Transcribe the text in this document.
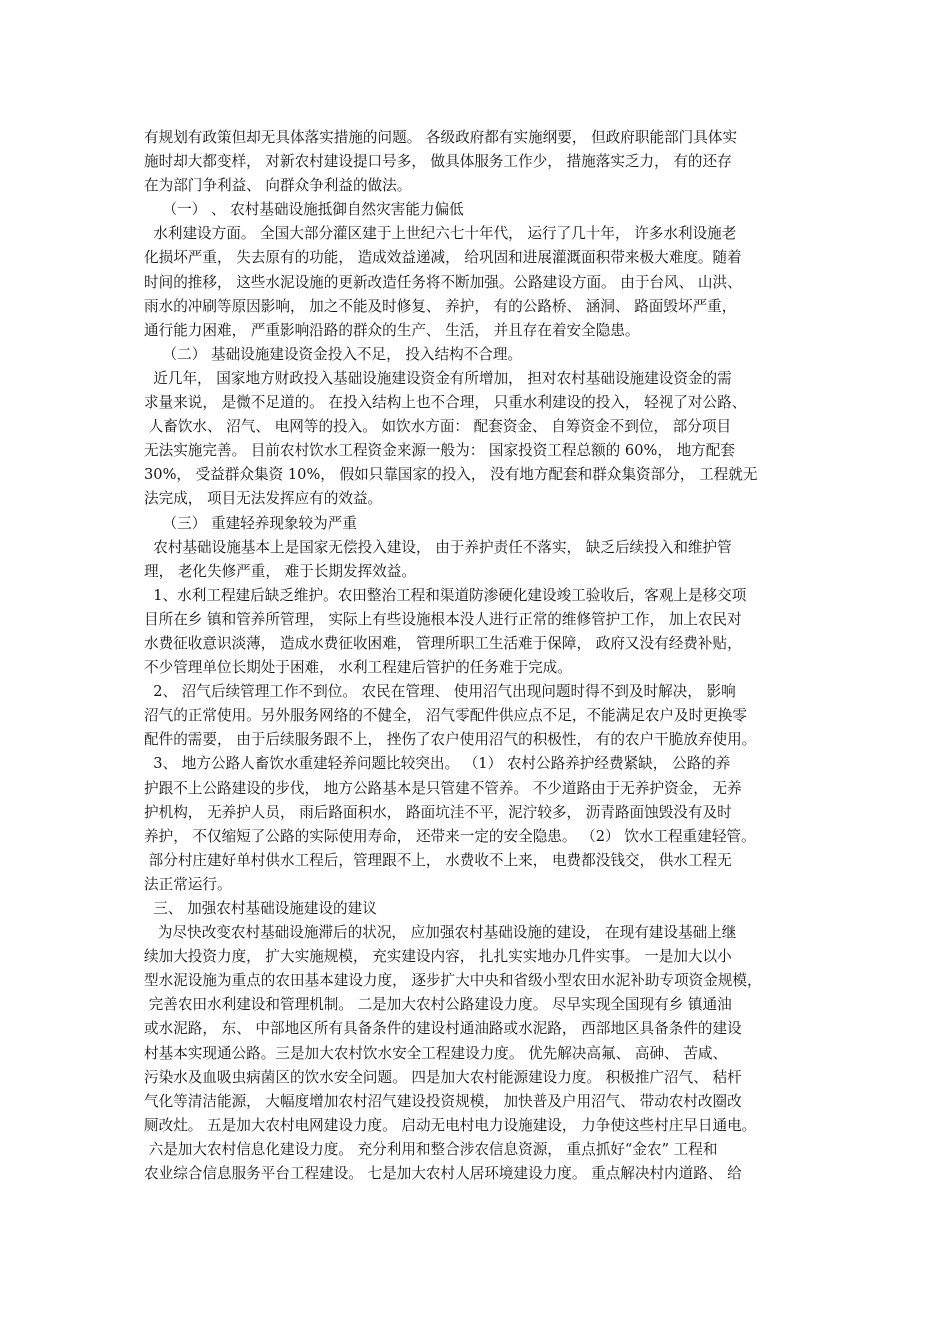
有规划有政策但却无具体落实措施的问题。 各级政府都有实施纲要， 但政府职能部门具体实
施时却大都变样， 对新农村建设提口号多， 做具体服务工作少， 措施落实乏力， 有的还存
在为部门争利益、 向群众争利益的做法。
（一） 、 农村基础设施抵御自然灾害能力偏低
水利建设方面。 全国大部分灌区建于上世纪六七十年代， 运行了几十年， 许多水利设施老
化损坏严重， 失去原有的功能， 造成效益递减， 给巩固和进展灌溉面积带来极大难度。随着
时间的推移， 这些水泥设施的更新改造任务将不断加强。公路建设方面。 由于台风、 山洪、
雨水的冲刷等原因影响， 加之不能及时修复、 养护， 有的公路桥、 涵洞、 路面毁坏严重，
通行能力困难， 严重影响沿路的群众的生产、 生活， 并且存在着安全隐患。
（二） 基础设施建设资金投入不足， 投入结构不合理。
近几年， 国家地方财政投入基础设施建设资金有所增加， 担对农村基础设施建设资金的需
求量来说， 是微不足道的。 在投入结构上也不合理， 只重水利建设的投入， 轻视了对公路、
人畜饮水、 沼气、 电网等的投入。 如饮水方面： 配套资金、 自筹资金不到位， 部分项目
无法实施完善。 目前农村饮水工程资金来源一般为： 国家投资工程总额的 60%， 地方配套
30%， 受益群众集资 10%， 假如只靠国家的投入， 没有地方配套和群众集资部分， 工程就无
法完成， 项目无法发挥应有的效益。
（三） 重建轻养现象较为严重
农村基础设施基本上是国家无偿投入建设， 由于养护责任不落实， 缺乏后续投入和维护管
理， 老化失修严重， 难于长期发挥效益。
1、水利工程建后缺乏维护。农田整治工程和渠道防渗硬化建设竣工验收后，客观上是移交项
目所在乡 镇和管养所管理， 实际上有些设施根本没人进行正常的维修管护工作， 加上农民对
水费征收意识淡薄， 造成水费征收困难， 管理所职工生活难于保障， 政府又没有经费补贴，
不少管理单位长期处于困难， 水利工程建后管护的任务难于完成。
2、 沼气后续管理工作不到位。 农民在管理、 使用沼气出现问题时得不到及时解决， 影响
沼气的正常使用。另外服务网络的不健全， 沼气零配件供应点不足，不能满足农户及时更换零
配件的需要， 由于后续服务跟不上， 挫伤了农户使用沼气的积极性， 有的农户干脆放弃使用。
3、 地方公路人畜饮水重建轻养问题比较突出。 （1） 农村公路养护经费紧缺， 公路的养
护跟不上公路建设的步伐， 地方公路基本是只管建不管养。 不少道路由于无养护资金， 无养
护机构， 无养护人员， 雨后路面积水， 路面坑洼不平，泥泞较多， 沥青路面蚀毁没有及时
养护， 不仅缩短了公路的实际使用寿命， 还带来一定的安全隐患。 （2） 饮水工程重建轻管。
部分村庄建好单村供水工程后，管理跟不上， 水费收不上来， 电费都没钱交， 供水工程无
法正常运行。
三、 加强农村基础设施建设的建议
为尽快改变农村基础设施滞后的状况， 应加强农村基础设施的建设， 在现有建设基础上继
续加大投资力度， 扩大实施规模， 充实建设内容， 扎扎实实地办几件实事。 一是加大以小
型水泥设施为重点的农田基本建设力度， 逐步扩大中央和省级小型农田水泥补助专项资金规模，
完善农田水利建设和管理机制。 二是加大农村公路建设力度。 尽早实现全国现有乡 镇通油
或水泥路， 东、 中部地区所有具备条件的建设村通油路或水泥路， 西部地区具备条件的建设
村基本实现通公路。三是加大农村饮水安全工程建设力度。 优先解决高氟、 高砷、 苦咸、
污染水及血吸虫病菌区的饮水安全问题。 四是加大农村能源建设力度。 积极推广沼气、 秸杆
气化等清洁能源， 大幅度增加农村沼气建设投资规模， 加快普及户用沼气、 带动农村改圈改
厕改灶。 五是加大农村电网建设力度。 启动无电村电力设施建设， 力争使这些村庄早日通电。
六是加大农村信息化建设力度。 充分利用和整合涉农信息资源， 重点抓好“金农” 工程和
农业综合信息服务平台工程建设。 七是加大农村人居环境建设力度。 重点解决村内道路、 给
